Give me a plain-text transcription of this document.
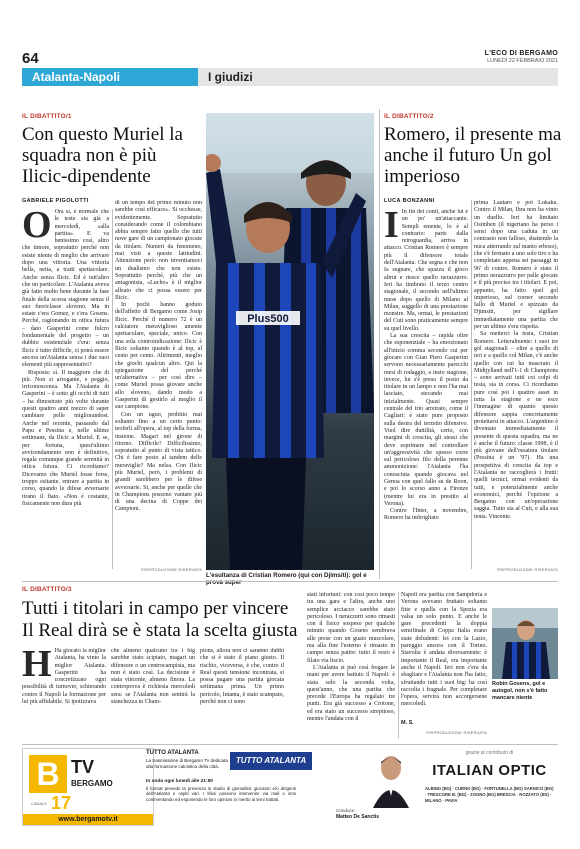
64	L'ECO DI BERGAMO
LUNEDÌ 22 FEBBRAIO 2021
Atalanta-Napoli	I giudizi
IL DIBATTITO/1
Con questo Muriel la squadra non è più Ilicic-dipendente
GABRIELE PIGOLOTTI

O Ora sì, è normale che le teste sia già a mercoledì, «alla partita». E va benissimo così, altro che timore, sopratutto perché non esiste niente di meglio che arrivare dopo una vittoria. Una vittoria bella, netta, a tratti spettacolare. Anche senza Ilicic. Ed è tutt'altro che un particolare. L'Atalanta aveva già fatto molto bene durante la fase finale della scorsa stagione senza il suo fuoriclasse sloveno. Ma in estate c'era Gomez, e c'era Gosens. Perché, ragionando in ottica futura – dato Gasperini come fulcro fondamentale del progetto – un dubbio esistenziale c'era: senza Ilicic è tutto difficile, ci potrà essere ancora un'Atalanta senza i due suoi elementi più rappresentativi?

Risposta: sì. Il maggiore che di più. Non si arrogante, e peggio, irriconoscenza. Ma l'Atalanta di Gasperini – è sotto gli occhi di tutti – ha dimostrato più volte durante questi quattro anni mezzo di saper cambiare pelle migliorandosi. Anche nel recente, passando dal Papu e Pessina e, nelle ultime settimane, da Ilicic a Muriel. E se, per fortuna, quest'ultimo avvicendamento non è definitivo, regala comunque grande serenità in ottica futura. Ci ricordiamo? Dicevamo che Muriel fosse forse, troppo esitante, entrare a partita in corso, quando le difese avversarie tirano il fiato. «Non è costante, fisicamente non dura più

di un tempo del primo minuto non sarebbe così efficace». Si occhesse, evidentemente. Sopratutto considerando come il colombiano abbia sempre fatto quello che tutti nove gare di un campionato giocate da titolare. Numeri da fenomeno, mai visti a queste latitudini. Attenzione però: non inventiamoci un dualismo che non esiste. Soprattutto perché, più che un antagonista, «Lucho» è il miglior alleato che ci possa essere per Ilicic.

In pochi hanno goduto dell'affetto di Bergamo come Josip Ilicic. Perché il numero 72 è un calciatore meraviglioso amente spettacolare, speciale, unico. Con una sola controindicazione: Ilicic è Ilicic soltanto quando è al top, al cento per cento. Altrimenti, meglio che giochi qualcun altro. Qui la spiegazione del perché un'alternativa – per così dire – come Muriel possa giovare anche allo sloveno, dando modo a Gasperini di gestirlo al meglio il suo campione.

Con un uguo, probitto mai soltanto fino a un certo punto: teoferli all'opera, al top della forma, insieme. Magari nel girone di ritorno. Difficile? Difficilissimo, sopratutto al punto di vista tattico. Chi è fare posto al tandem delle meraviglie? Ma nelsa. Con Ilicic più Muriel, però, i problemi di grandi sarebbero per le difese avversarie. Si, anche per quelle che in Champions possono vantare più di una decina di Coppe dei Campioni.

©RIPRODUZIONE RISERVATA
Plus500
L'esultanza di Cristian Romero (qui con Djimsiti): gol e prova super
IL DIBATTITO/2
Romero, il presente ma anche il futuro Un gol imperioso
LUCA BONZANNI

I In fin dei conti, anche lui è un po' un'attaccante. Sempli emente, lo è al contrario: parte dalla retroguardia, arriva in attacco. Cristian Romero è sempre più il difensore totale dell'Atalanta. Che segna e che non fa segnare, che spazza il gioco altrui e riesce quello nerazzurro. Ieri ha timbrato il terzo centro stagionale, il secondo nell'ultimo mese dopo quello di Milano al Milan, suggello di una prestazione monstre. Ma, ormai, le prestazioni del Cuti sono praticamente sempre su quel livello.

La sua crescita – rapida oltre che esponenziale – ha emozionato all'inizio comma secondo cui per giocare con Gian Piero Gasperini servono necessariamente parecchi mesi di rodaggio, a insto stagione, invece, lui s'è preso il posto da titolare in un lampo e non l'ha mai lasciato, stecando mai inizialmente. Quasi sempre centrale del trio arretrato, come il Cagliari: è stato pure proposto sulla destra del terzetto difensivo. Vuol dire duttilità, certo, con margini di crescita, gli stessi che deve esprimere nel controllare un'aggressività che spesso corre sul pericoloso filo della perenne ammonizione: l'Atalanta l'ha conosciuta quando giocava nel Genoa con quel fallo su de Roon, e poi lo scorso anno a Firenze (mentre lui era in prestito al Verona).

Contro l'Inter, a novembre, Romero ha imbrigliato

prima Lautaro e poi Lukaku. Contro il Milan, Ibra non ha vinto un duello. Ieri ha limitato Osimhen (il nigeriano ha perso i sensi dopo una caduta in un contrasto non falloso, sbattendo la nuca atterrando sul manto erboso), che s'è fermato a uno solo tiro e ha completato appena sei passaggi in 96' di contro. Romero è stato il primo nerazzurro per palle giocate e il più preciso tra i titolari. E poi, appunto, ha fatto quel gol imperioso, sul corner secondo fallo di Muriel e spizzato da Djimsiti, per sigillare immediatamente una partita che per un ultimo s'era rispetta.

Sa metterci la testa, Cristian Romero. Letteralmente: i suoi tre gol stagionali – oltre a quello di ieri e a quello col Milan, c'è anche quello con cui ha mascrato il Midtjylland nell'1-1 di Champions – sono arrivati tutti coi colpi di testa, sia in corsa. Ci ricordiamo pure così poi i quattro asset in tutta la stagione e ne esce l'immagine di quanto questo difensore sappia concretamente proiettarsi in attacco. L'argentino è diventato immediatamente il presente di questa squadra, ma ne è anche il futuro: classe 1998, è il più giovane dell'ossatura titolare (Pessina è un '97). Ha una prospettiva di crescita da top e l'Atalanta ne raccoglierà i frutti: quelli tecnici, ormai evidenti da tutti, e potenzialmente anche economici, perché l'opzione a Bergamo con un'operazione saggia. Tutto sta al Cuti, e alla sua tenta. Vincente.

©RIPRODUZIONE RISERVATA
IL DIBATTITO/3
Tutti i titolari in campo per vincere
Il Real dirà se è stata la scelta giusta

H Ha giocato la miglior Atalanta, ha vinto la miglior Atalanta. Gasperini ha concretizzato ogni possibilità di turnover, schierando contro il Napoli la formazione per lui più affidabile. Si ipotizzava

che almeno qualcuno tra i big sarebbe stato sciptato, magari un difensore o un centrocampista, ma non è stato così. La decisione è stata vincente, almeno finora. La controprova è richiesta mercoledì sera: se l'Atalanta non sentirà la stanchezza in Cham-

pions, allora non ci saranno dubbi che si è stato il piano giusto. Il rischio, viceversa, è che, contro il Real questi tensione incontrata, si possa pagare una partita giocata settimana prima. Un primo pericolo, Intanta, è stato scampato, perché non ci sono

stati infortuni: con così poco tempo tra una gara e l'altra, anche uno semplice acciacco sarebbe stato pericoloso. I nerazzurri sono rimasti con il fisico sospeso per qualche minuto quando Gosens sembrava alle prese con un guaio muscolare, ma alla fine l'esterno è rimasto in campo senza patire: tutto il resto è filato via liscio.

L'Atalanta si può così fregare le mani per avere battuto il Napoli: è stata solo la seconda volta, quest'anno, che una partita che precede l'Europa ha regalato tre punti. Era già successo a Crotone, ed era stato un successo strepitoso, mentre l'andata con il

Napoli era partita con Sampdoria e Verona avevano fruttato soltanto fitte e quella con la Spezia era valsa un solo punto. E anche le gare precedenti la doppia semifinale di Coppa Italia erano state deludenti: lei con la Lazio, pareggio ancora con il Torino. Stavolta è andata diversamente: è importante il Real, era importante anche il Napoli. Ieri non c'era da sbagliare e l'Atalanta non l'ha fatto, sfruttando tutti i suoi big: ha così raccolta i fragnale. Per completare l'opera, servirà non accorgersene mercoledì.

M. S.
©RIPRODUZIONE RISERVATA
Robin Gosens, gol e autogol, non s'è fatto mancare niente
B TV
BERGAMO
CANALE 17
www.bergamotv.it
TUTTO ATALANTA
La trasmissione di Bergamo Tv dedicata alla formazione calcistica della città.
In onda ogni lunedì alle 21:50
Il format prevede la presenza in studio di giornalisti, giocatori e/o dirigenti dell'Atalanta e ospiti vari. I tifosi possono intervenire via mail o sms commentando ed esponendo le loro opinioni in merito ai temi trattati.
TUTTO ATALANTA
Conduce
Matteo De Sanctis
grazie al contributo di
ITALIAN OPTIC
ALBINO (BG) · CURNO (BG) · FORTUNELLA (BG) SARNICO (BG) · TRESCORE B. (BG) · ZOGNO (BG) BRESCIA · ROZZATO (BS) · MILANO · PAVIA
